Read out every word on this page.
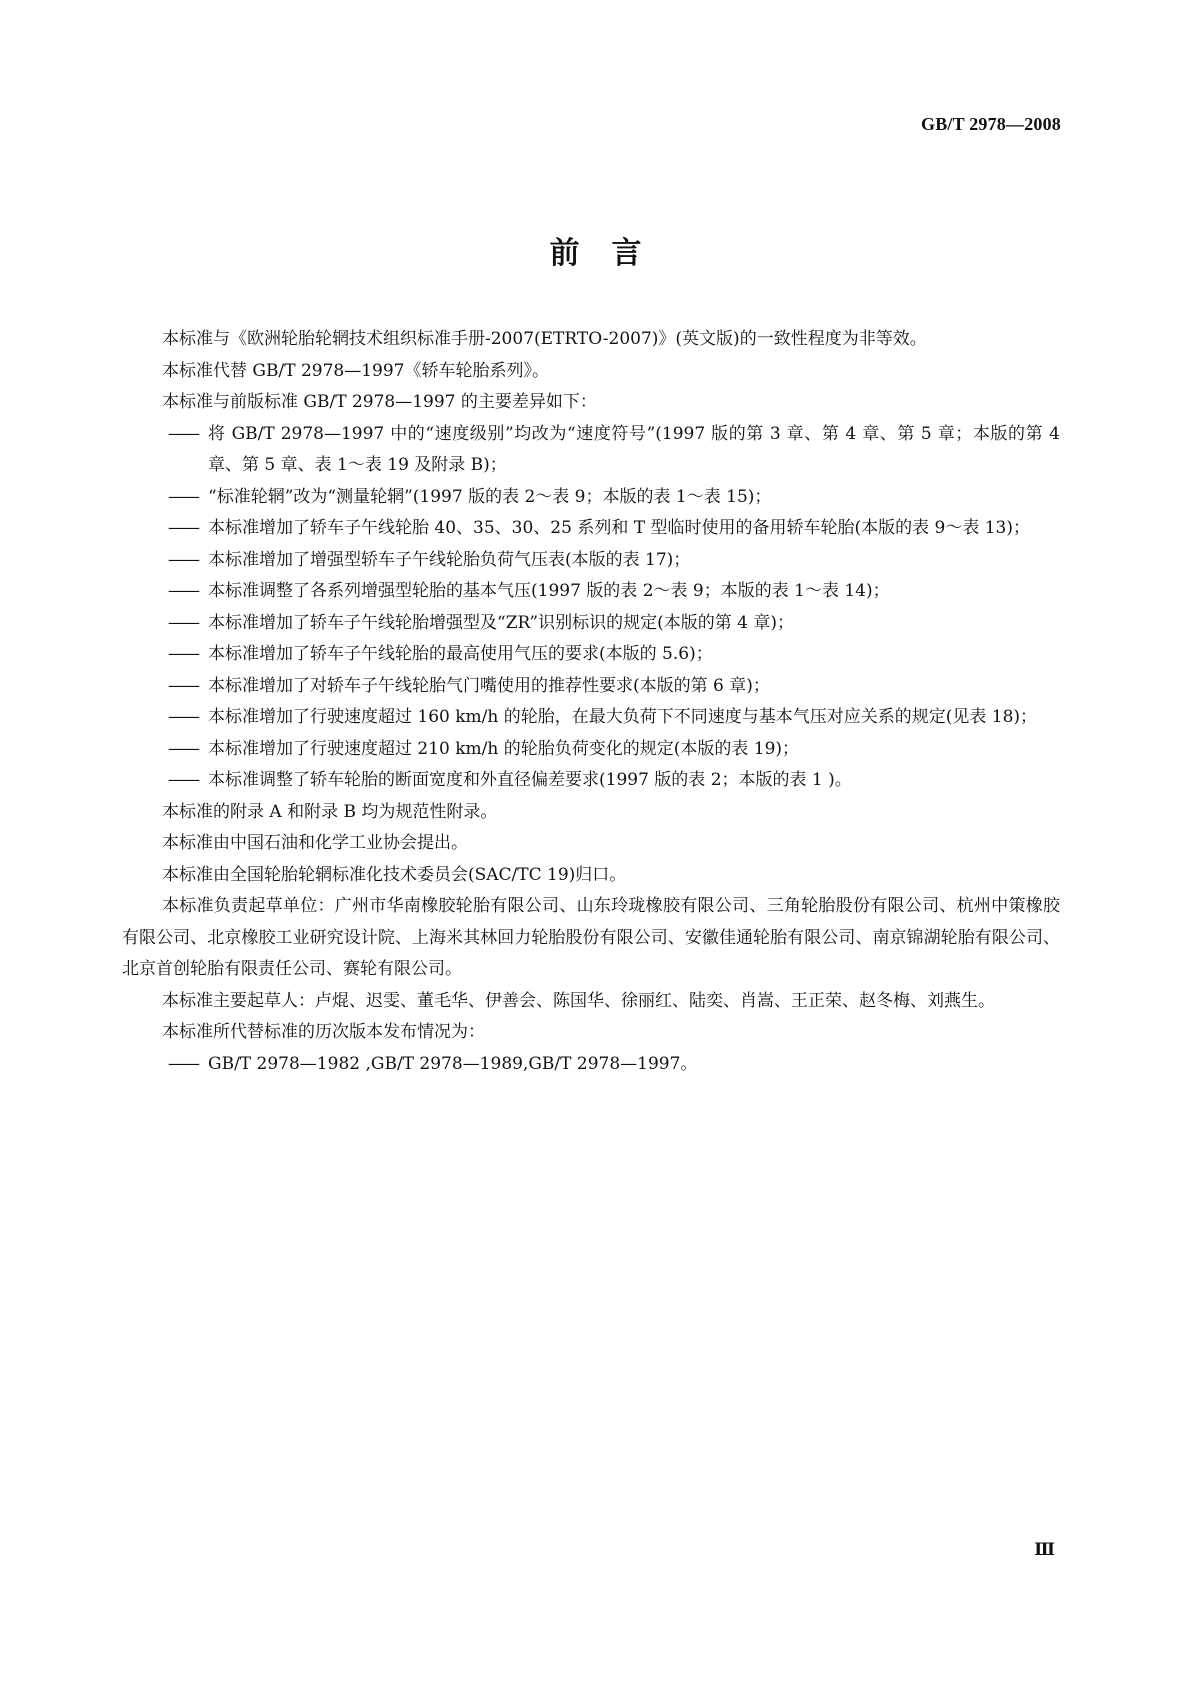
GB/T 2978—2008
前言

本标准与《欧洲轮胎轮辋技术组织标准手册-2007(ETRTO-2007)》(英文版)的一致性程度为非等效。

本标准代替 GB/T 2978—1997《轿车轮胎系列》。

本标准与前版标准 GB/T 2978—1997 的主要差异如下：

—— 将 GB/T 2978—1997 中的“速度级别”均改为“速度符号”(1997 版的第 3 章、第 4 章、第 5 章；本版的第 4 章、第 5 章、表 1～表 19 及附录 B)；
—— “标准轮辋”改为“测量轮辋”(1997 版的表 2～表 9；本版的表 1～表 15)；
—— 本标准增加了轿车子午线轮胎 40、35、30、25 系列和 T 型临时使用的备用轿车轮胎(本版的表 9～表 13)；
—— 本标准增加了增强型轿车子午线轮胎负荷气压表(本版的表 17)；
—— 本标准调整了各系列增强型轮胎的基本气压(1997 版的表 2～表 9；本版的表 1～表 14)；
—— 本标准增加了轿车子午线轮胎增强型及“ZR”识别标识的规定(本版的第 4 章)；
—— 本标准增加了轿车子午线轮胎的最高使用气压的要求(本版的 5.6)；
—— 本标准增加了对轿车子午线轮胎气门嘴使用的推荐性要求(本版的第 6 章)；
—— 本标准增加了行驶速度超过 160 km/h 的轮胎，在最大负荷下不同速度与基本气压对应关系的规定(见表 18)；
—— 本标准增加了行驶速度超过 210 km/h 的轮胎负荷变化的规定(本版的表 19)；
—— 本标准调整了轿车轮胎的断面宽度和外直径偏差要求(1997 版的表 2；本版的表 1 )。

本标准的附录 A 和附录 B 均为规范性附录。

本标准由中国石油和化学工业协会提出。

本标准由全国轮胎轮辋标准化技术委员会(SAC/TC 19)归口。

本标准负责起草单位：广州市华南橡胶轮胎有限公司、山东玲珑橡胶有限公司、三角轮胎股份有限公司、杭州中策橡胶有限公司、北京橡胶工业研究设计院、上海米其林回力轮胎股份有限公司、安徽佳通轮胎有限公司、南京锦湖轮胎有限公司、北京首创轮胎有限责任公司、赛轮有限公司。

本标准主要起草人：卢焜、迟雯、董毛华、伊善会、陈国华、徐丽红、陆奕、肖嵩、王正荣、赵冬梅、刘燕生。

本标准所代替标准的历次版本发布情况为：

—— GB/T 2978—1982 ,GB/T 2978—1989,GB/T 2978—1997。
Ⅲ
